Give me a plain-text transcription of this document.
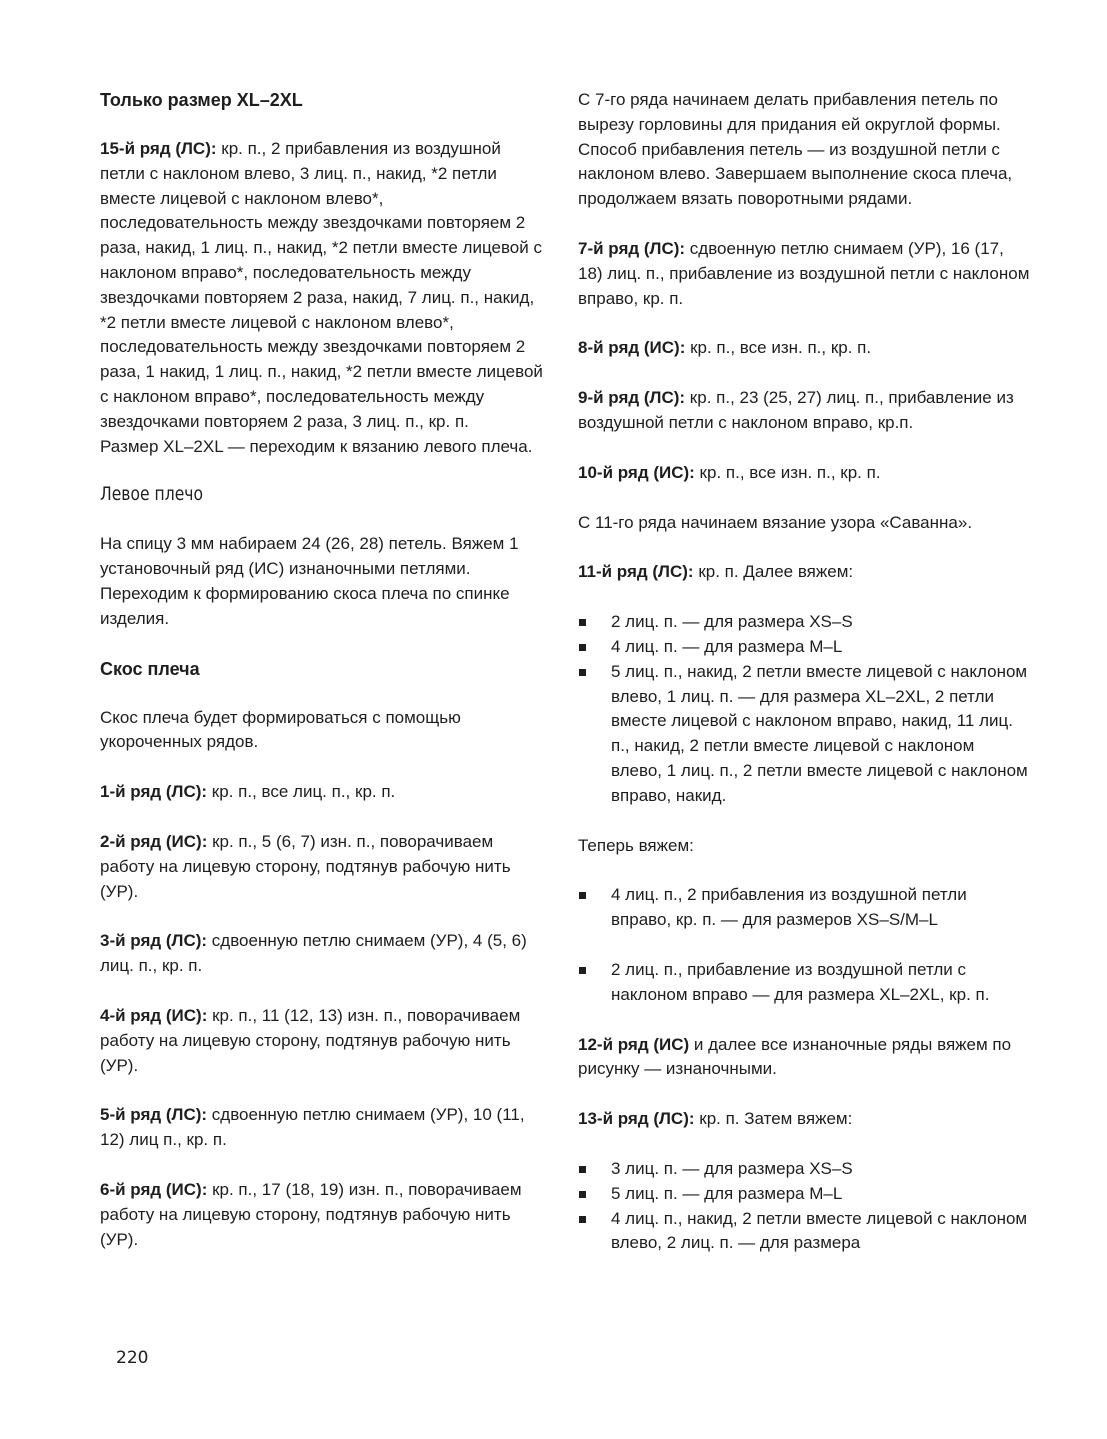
Только размер XL–2XL

15-й ряд (ЛС): кр. п., 2 прибавления из воздушной петли с наклоном влево, 3 лиц. п., накид, *2 петли вместе лицевой с наклоном влево*, последовательность между звездочками повторяем 2 раза, накид, 1 лиц. п., накид, *2 петли вместе лицевой с наклоном вправо*, последовательность между звездочками повторяем 2 раза, накид, 7 лиц. п., накид, *2 петли вместе лицевой с наклоном влево*, последовательность между звездочками повторяем 2 раза, 1 накид, 1 лиц. п., накид, *2 петли вместе лицевой с наклоном вправо*, последовательность между звездочками повторяем 2 раза, 3 лиц. п., кр. п.

Размер XL–2XL — переходим к вязанию левого плеча.

Левое плечо

На спицу 3 мм набираем 24 (26, 28) петель. Вяжем 1 установочный ряд (ИС) изнаночными петлями. Переходим к формированию скоса плеча по спинке изделия.

Скос плеча

Скос плеча будет формироваться с помощью укороченных рядов.

1-й ряд (ЛС): кр. п., все лиц. п., кр. п.

2-й ряд (ИС): кр. п., 5 (6, 7) изн. п., поворачиваем работу на лицевую сторону, подтянув рабочую нить (УР).

3-й ряд (ЛС): сдвоенную петлю снимаем (УР), 4 (5, 6) лиц. п., кр. п.

4-й ряд (ИС): кр. п., 11 (12, 13) изн. п., поворачиваем работу на лицевую сторону, подтянув рабочую нить (УР).

5-й ряд (ЛС): сдвоенную петлю снимаем (УР), 10 (11, 12) лиц п., кр. п.

6-й ряд (ИС): кр. п., 17 (18, 19) изн. п., поворачиваем работу на лицевую сторону, подтянув рабочую нить (УР).

С 7-го ряда начинаем делать прибавления петель по вырезу горловины для придания ей округлой формы. Способ прибавления петель — из воздушной петли с наклоном влево. Завершаем выполнение скоса плеча, продолжаем вязать поворотными рядами.

7-й ряд (ЛС): сдвоенную петлю снимаем (УР), 16 (17, 18) лиц. п., прибавление из воздушной петли с наклоном вправо, кр. п.

8-й ряд (ИС): кр. п., все изн. п., кр. п.

9-й ряд (ЛС): кр. п., 23 (25, 27) лиц. п., прибавление из воздушной петли с наклоном вправо, кр.п.

10-й ряд (ИС): кр. п., все изн. п., кр. п.

С 11-го ряда начинаем вязание узора «Саванна».

11-й ряд (ЛС): кр. п. Далее вяжем:

2 лиц. п. — для размера XS–S
4 лиц. п. — для размера M–L
5 лиц. п., накид, 2 петли вместе лицевой с наклоном влево, 1 лиц. п. — для размера XL–2XL, 2 петли вместе лицевой с наклоном вправо, накид, 11 лиц. п., накид, 2 петли вместе лицевой с наклоном влево, 1 лиц. п., 2 петли вместе лицевой с наклоном вправо, накид.

Теперь вяжем:

4 лиц. п., 2 прибавления из воздушной петли вправо, кр. п. — для размеров XS–S/M–L
2 лиц. п., прибавление из воздушной петли с наклоном вправо — для размера XL–2XL, кр. п.

12-й ряд (ИС) и далее все изнаночные ряды вяжем по рисунку — изнаночными.

13-й ряд (ЛС): кр. п. Затем вяжем:

3 лиц. п. — для размера XS–S
5 лиц. п. — для размера M–L
4 лиц. п., накид, 2 петли вместе лицевой с наклоном влево, 2 лиц. п. — для размера
220
